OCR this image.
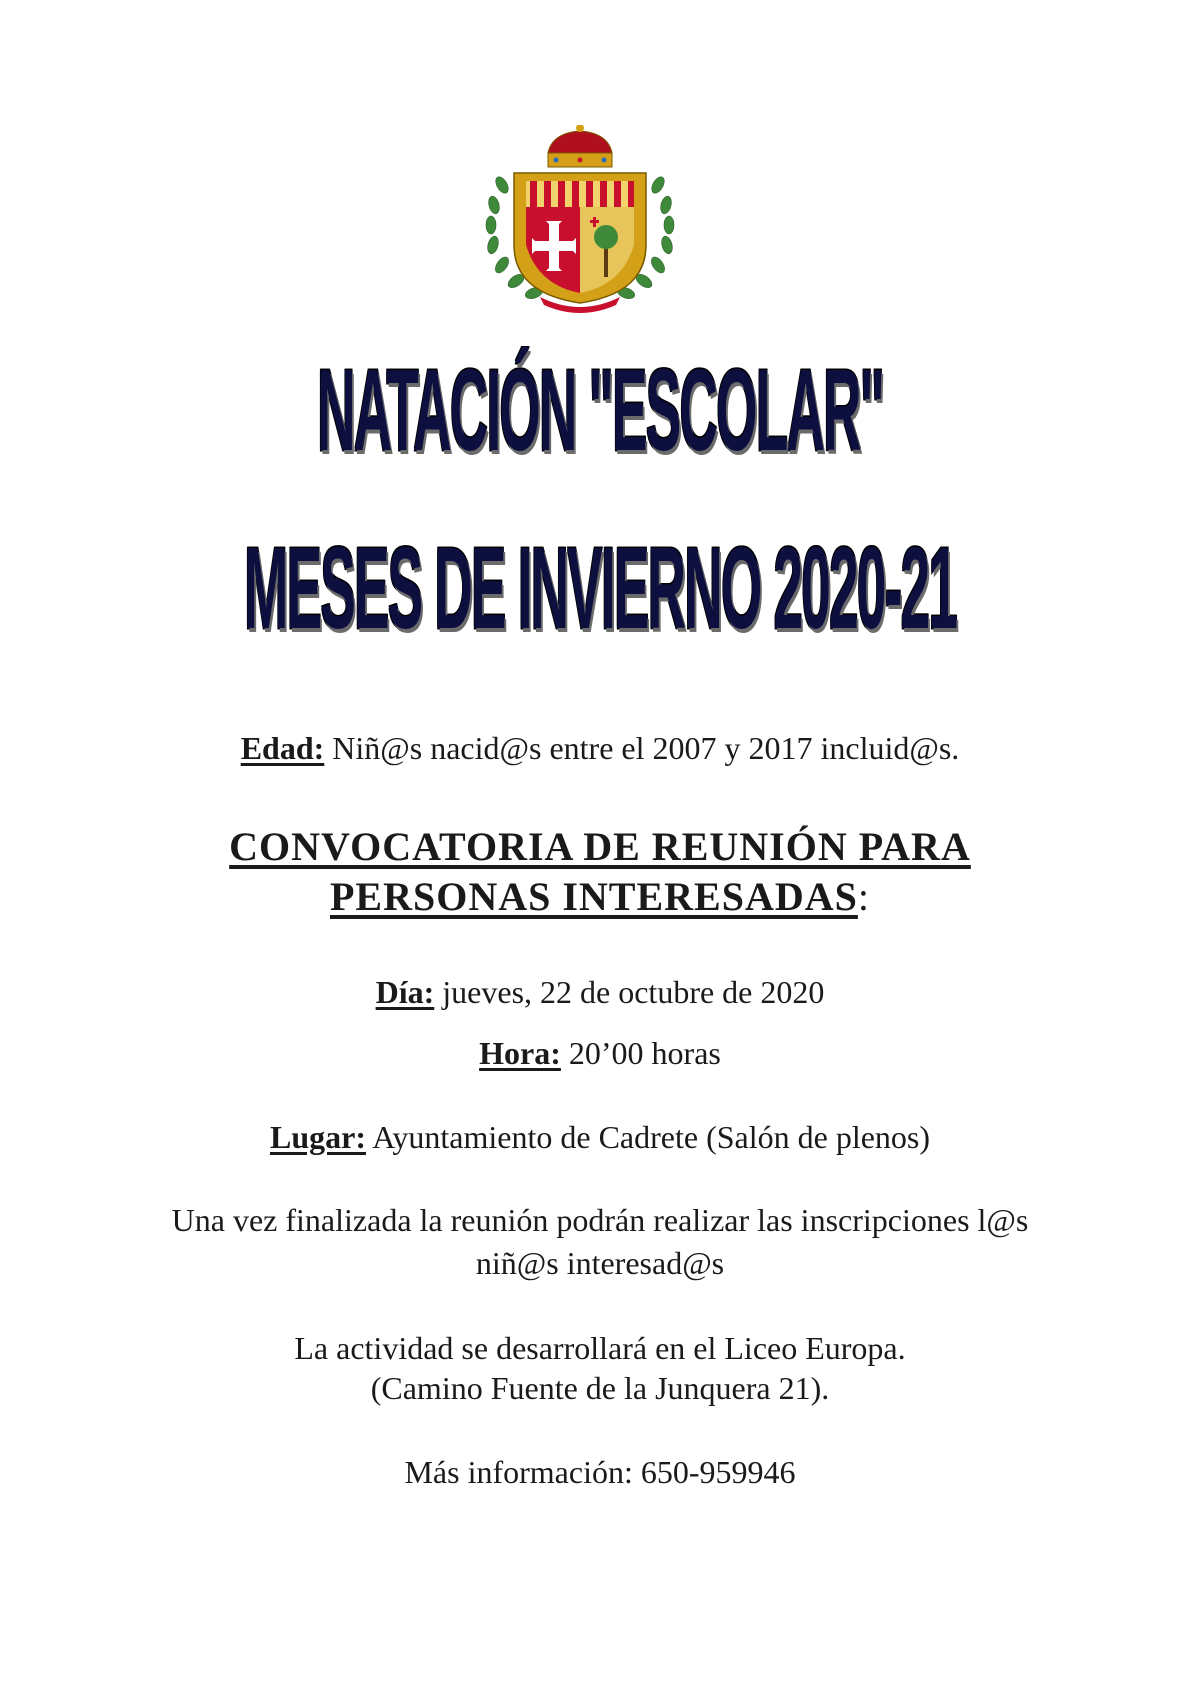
NATACIÓN "ESCOLAR"
MESES DE INVIERNO 2020-21
Edad: Niñ@s nacid@s entre el 2007 y 2017 incluid@s.
CONVOCATORIA DE REUNIÓN PARA
PERSONAS INTERESADAS:
Día: jueves, 22 de octubre de 2020
Hora: 20’00 horas
Lugar: Ayuntamiento de Cadrete (Salón de plenos)
Una vez finalizada la reunión podrán realizar las inscripciones l@s
niñ@s interesad@s
La actividad se desarrollará en el Liceo Europa.
(Camino Fuente de la Junquera 21).
Más información: 650-959946
